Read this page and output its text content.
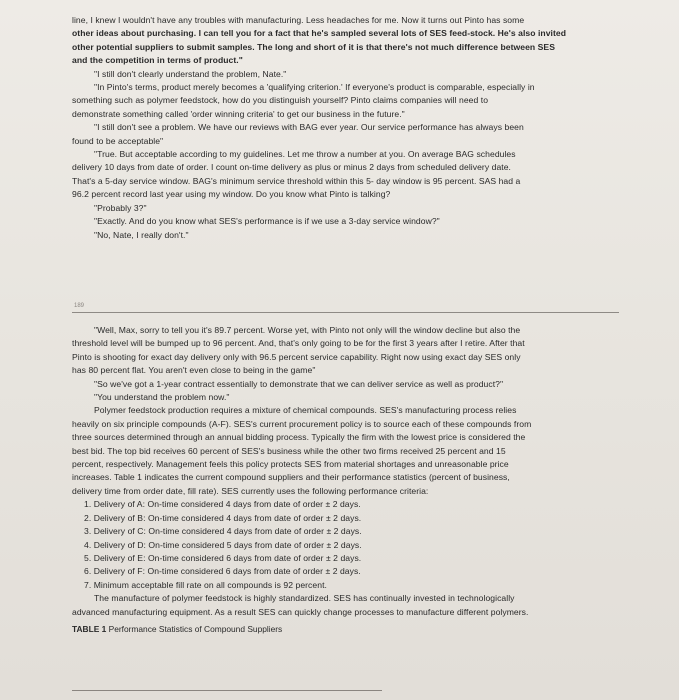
line, I knew I wouldn't have any troubles with manufacturing. Less headaches for me. Now it turns out Pinto has some
other ideas about purchasing. I can tell you for a fact that he's sampled several lots of SES feed-stock. He's also invited
other potential suppliers to submit samples. The long and short of it is that there's not much difference between SES
and the competition in terms of product."
"I still don't clearly understand the problem, Nate."
"In Pinto's terms, product merely becomes a 'qualifying criterion.' If everyone's product is comparable, especially in
something such as polymer feedstock, how do you distinguish yourself? Pinto claims companies will need to
demonstrate something called 'order winning criteria' to get our business in the future."
"I still don't see a problem. We have our reviews with BAG ever year. Our service performance has always been
found to be acceptable"
"True. But acceptable according to my guidelines. Let me throw a number at you. On average BAG schedules
delivery 10 days from date of order. I count on-time delivery as plus or minus 2 days from scheduled delivery date.
That's a 5-day service window. BAG's minimum service threshold within this 5- day window is 95 percent. SAS had a
96.2 percent record last year using my window. Do you know what Pinto is talking?
"Probably 3?"
"Exactly. And do you know what SES's performance is if we use a 3-day service window?"
"No, Nate, I really don't."
189
"Well, Max, sorry to tell you it's 89.7 percent. Worse yet, with Pinto not only will the window decline but also the
threshold level will be bumped up to 96 percent. And, that's only going to be for the first 3 years after I retire. After that
Pinto is shooting for exact day delivery only with 96.5 percent service capability. Right now using exact day SES only
has 80 percent flat. You aren't even close to being in the game"
"So we've got a 1-year contract essentially to demonstrate that we can deliver service as well as product?"
"You understand the problem now."
Polymer feedstock production requires a mixture of chemical compounds. SES's manufacturing process relies
heavily on six principle compounds (A-F). SES's current procurement policy is to source each of these compounds from
three sources determined through an annual bidding process. Typically the firm with the lowest price is considered the
best bid. The top bid receives 60 percent of SES's business while the other two firms received 25 percent and 15
percent, respectively. Management feels this policy protects SES from material shortages and unreasonable price
increases. Table 1 indicates the current compound suppliers and their performance statistics (percent of business,
delivery time from order date, fill rate). SES currently uses the following performance criteria:
1. Delivery of A: On-time considered 4 days from date of order ± 2 days.
2. Delivery of B: On-time considered 4 days from date of order ± 2 days.
3. Delivery of C: On-time considered 4 days from date of order ± 2 days.
4. Delivery of D: On-time considered 5 days from date of order ± 2 days.
5. Delivery of E: On-time considered 6 days from date of order ± 2 days.
6. Delivery of F: On-time considered 6 days from date of order ± 2 days.
7. Minimum acceptable fill rate on all compounds is 92 percent.
The manufacture of polymer feedstock is highly standardized. SES has continually invested in technologically
advanced manufacturing equipment. As a result SES can quickly change processes to manufacture different polymers.
TABLE 1 Performance Statistics of Compound Suppliers
